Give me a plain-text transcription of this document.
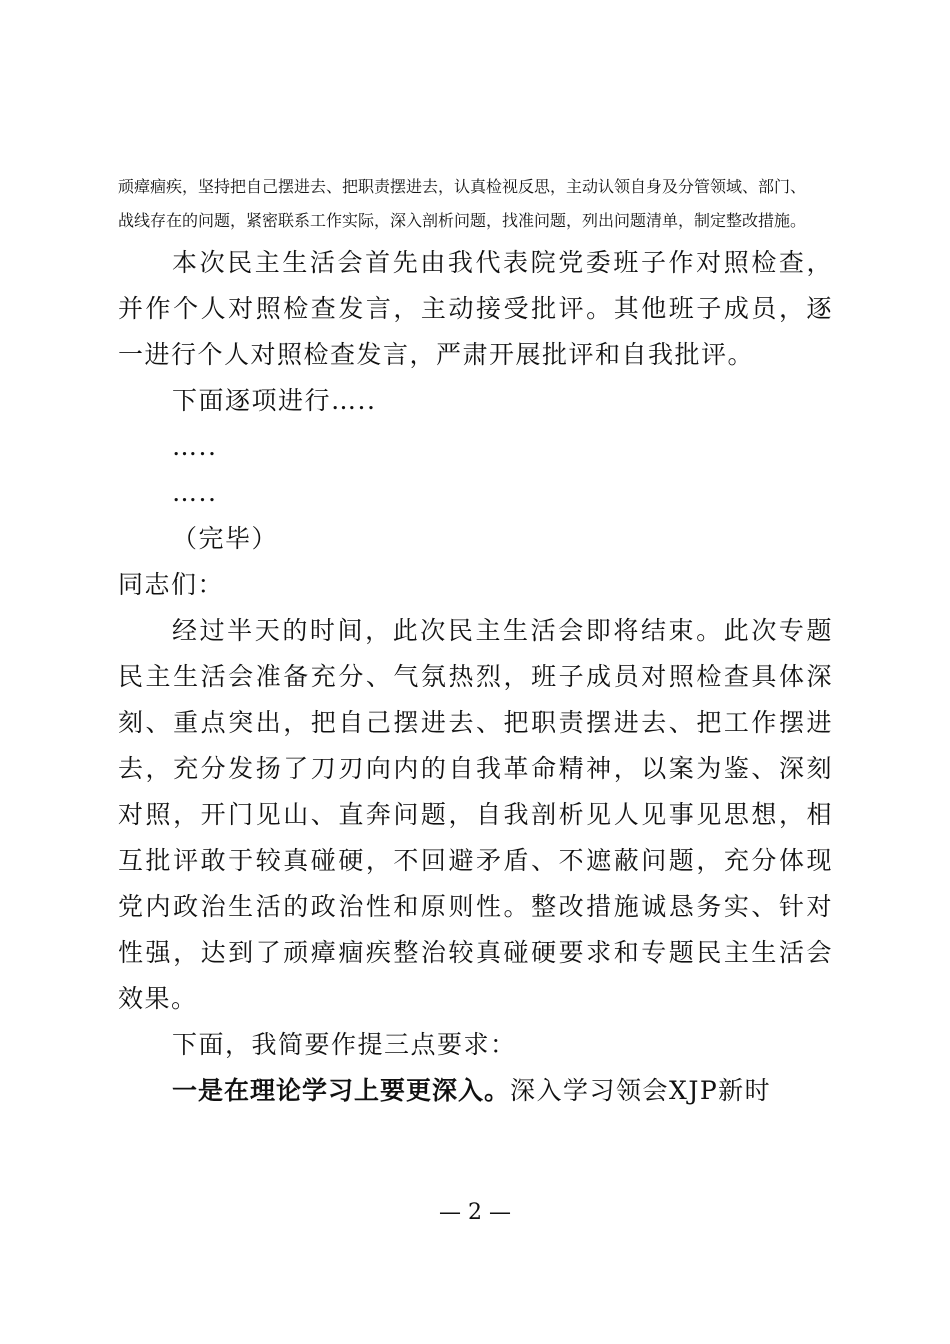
顽瘴痼疾，坚持把自己摆进去、把职责摆进去，认真检视反思，主动认领自身及分管领域、部门、

战线存在的问题，紧密联系工作实际，深入剖析问题，找准问题，列出问题清单，制定整改措施。

本次民主生活会首先由我代表院党委班子作对照检查，并作个人对照检查发言，主动接受批评。其他班子成员，逐一进行个人对照检查发言，严肃开展批评和自我批评。

下面逐项进行…..

…..

…..

（完毕）

同志们：

经过半天的时间，此次民主生活会即将结束。此次专题民主生活会准备充分、气氛热烈，班子成员对照检查具体深刻、重点突出，把自己摆进去、把职责摆进去、把工作摆进去，充分发扬了刀刃向内的自我革命精神，以案为鉴、深刻对照，开门见山、直奔问题，自我剖析见人见事见思想，相互批评敢于较真碰硬，不回避矛盾、不遮蔽问题，充分体现党内政治生活的政治性和原则性。整改措施诚恳务实、针对性强，达到了顽瘴痼疾整治较真碰硬要求和专题民主生活会效果。

下面，我简要作提三点要求：

一是在理论学习上要更深入。深入学习领会XJP新时

— 2 —
